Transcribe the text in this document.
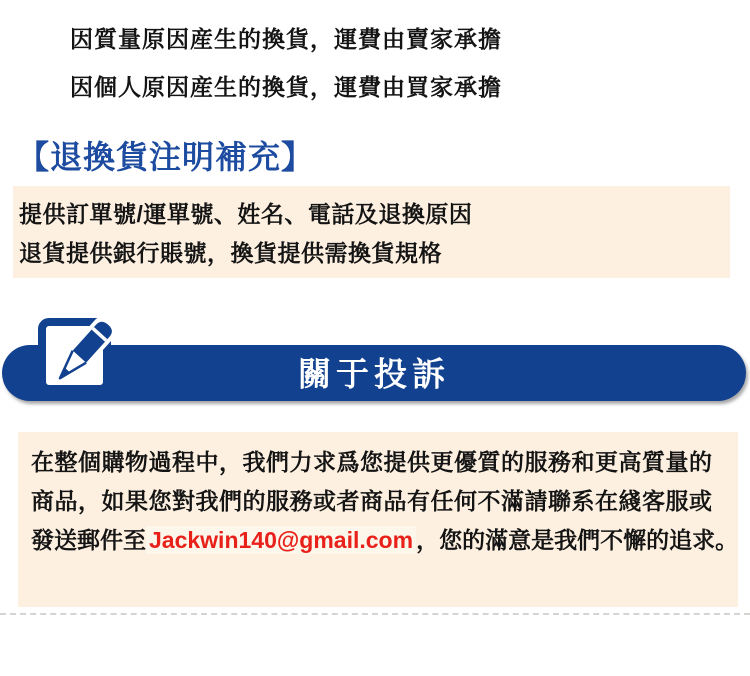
因質量原因産生的換貨，運費由賣家承擔
因個人原因産生的換貨，運費由買家承擔
【退換貨注明補充】
提供訂單號/運單號、姓名、電話及退換原因
退貨提供銀行賬號，換貨提供需換貨規格
關于投訴
在整個購物過程中，我們力求爲您提供更優質的服務和更高質量的
商品，如果您對我們的服務或者商品有任何不滿請聯系在綫客服或
發送郵件至 Jackwin140@gmail.com ，您的滿意是我們不懈的追求。
